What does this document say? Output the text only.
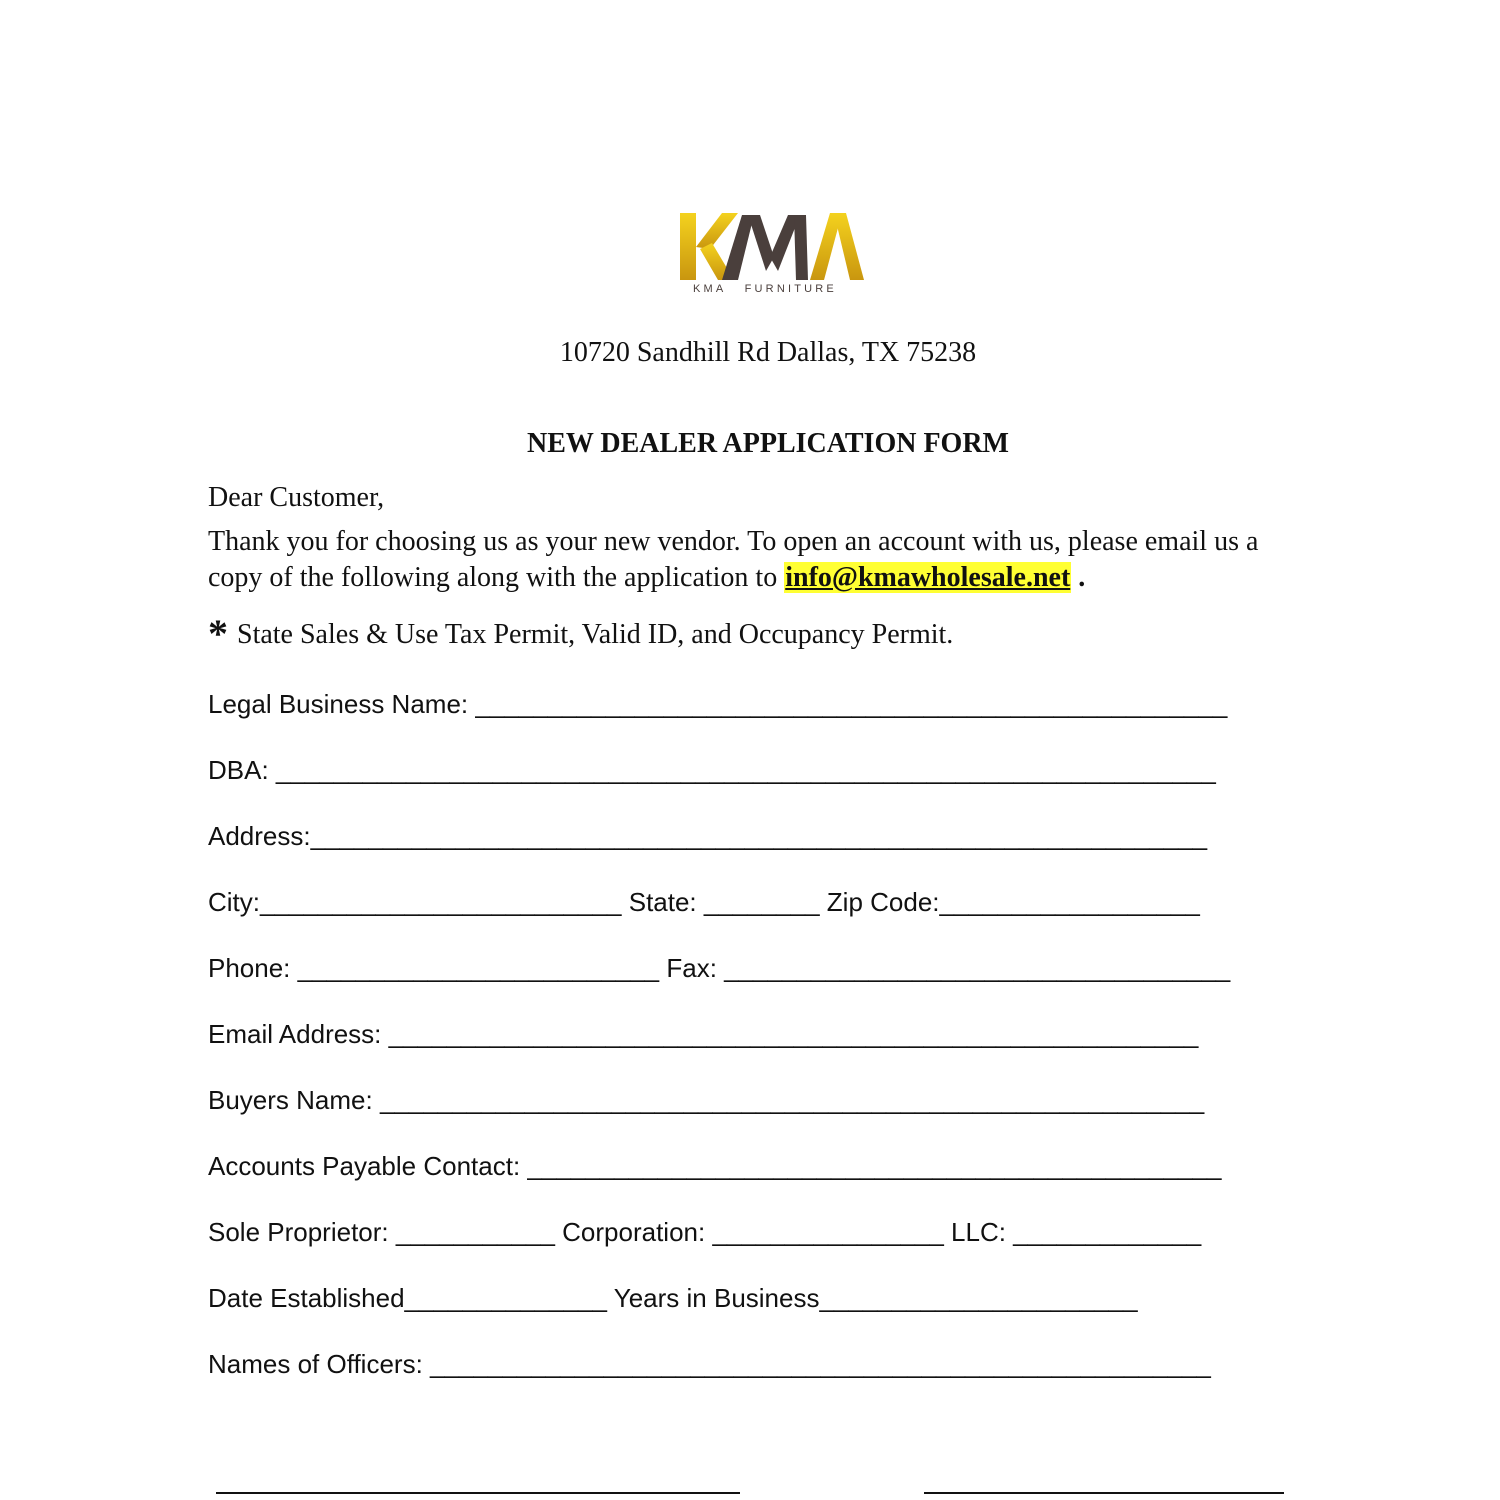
KMA   FURNITURE
10720 Sandhill Rd Dallas, TX 75238
NEW DEALER APPLICATION FORM
Dear Customer,
Thank you for choosing us as your new vendor. To open an account with us, please email us a copy of the following along with the application to info@kmawholesale.net .
* State Sales & Use Tax Permit, Valid ID, and Occupancy Permit.
Legal Business Name: ____________________________________________________
DBA: _________________________________________________________________
Address:______________________________________________________________
City:_________________________ State: ________ Zip Code:__________________
Phone: _________________________ Fax: ___________________________________
Email Address: ________________________________________________________
Buyers Name: _________________________________________________________
Accounts Payable Contact: ________________________________________________
Sole Proprietor: ___________ Corporation: ________________ LLC: _____________
Date Established______________ Years in Business______________________
Names of Officers: ______________________________________________________
